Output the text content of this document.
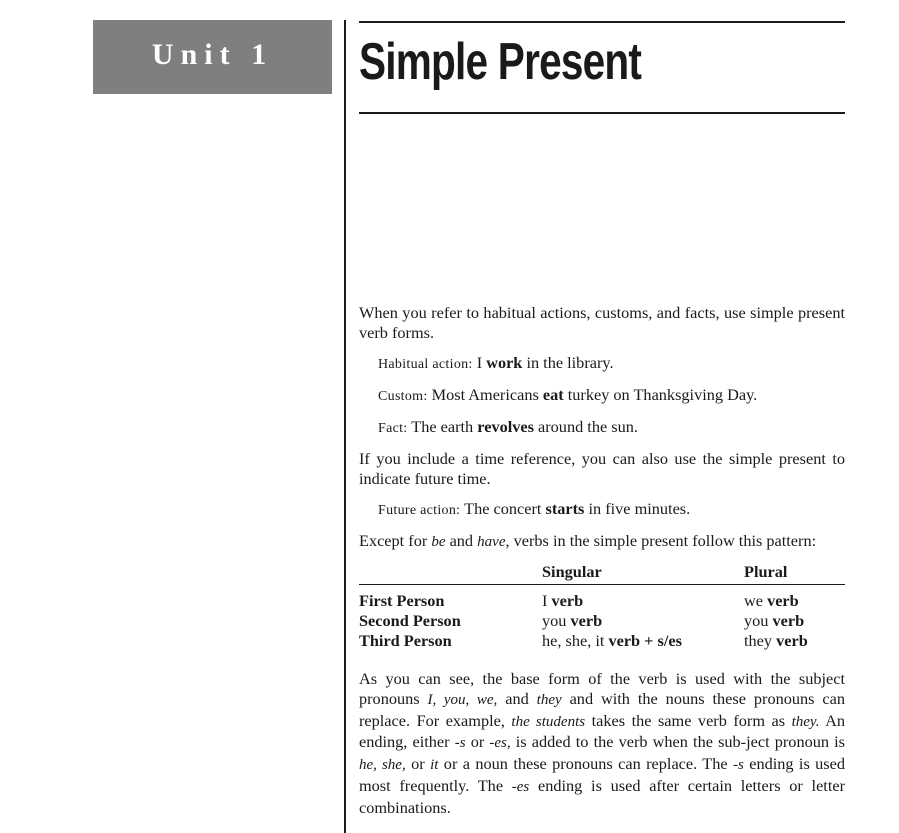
Unit 1	Simple Present

When you refer to habitual actions, customs, and facts, use simple present verb forms.

Habitual action: I work in the library.

Custom: Most Americans eat turkey on Thanksgiving Day.

Fact: The earth revolves around the sun.

If you include a time reference, you can also use the simple present to indicate future time.

Future action: The concert starts in five minutes.

Except for be and have, verbs in the simple present follow this pattern:

	Singular	Plural
First Person	I verb	we verb
Second Person	you verb	you verb
Third Person	he, she, it verb + s/es	they verb

As you can see, the base form of the verb is used with the subject pronouns I, you, we, and they and with the nouns these pronouns can replace. For example, the students takes the same verb form as they. An ending, either -s or -es, is added to the verb when the sub-ject pronoun is he, she, or it or a noun these pronouns can replace. The -s ending is used most frequently. The -es ending is used after certain letters or letter combinations.
